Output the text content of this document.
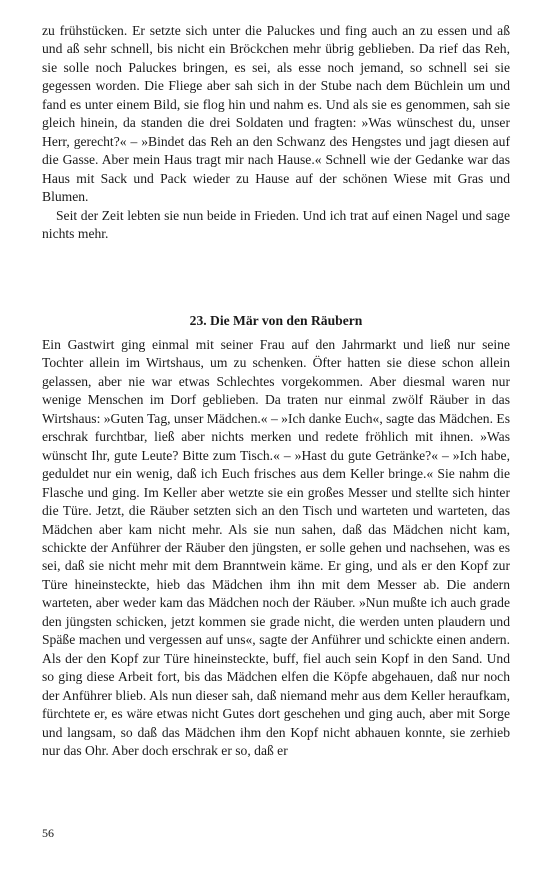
zu frühstücken. Er setzte sich unter die Paluckes und fing auch an zu essen und aß und aß sehr schnell, bis nicht ein Bröckchen mehr übrig geblieben. Da rief das Reh, sie solle noch Paluckes bringen, es sei, als esse noch jemand, so schnell sei sie gegessen worden. Die Fliege aber sah sich in der Stube nach dem Büchlein um und fand es unter einem Bild, sie flog hin und nahm es. Und als sie es genommen, sah sie gleich hinein, da standen die drei Soldaten und fragten: »Was wünschest du, unser Herr, gerecht?« – »Bindet das Reh an den Schwanz des Hengstes und jagt diesen auf die Gasse. Aber mein Haus tragt mir nach Hause.« Schnell wie der Gedanke war das Haus mit Sack und Pack wieder zu Hause auf der schönen Wiese mit Gras und Blumen.

Seit der Zeit lebten sie nun beide in Frieden. Und ich trat auf einen Nagel und sage nichts mehr.

23. Die Mär von den Räubern

Ein Gastwirt ging einmal mit seiner Frau auf den Jahrmarkt und ließ nur seine Tochter allein im Wirtshaus, um zu schenken. Öfter hatten sie diese schon allein gelassen, aber nie war etwas Schlechtes vorgekommen. Aber diesmal waren nur wenige Menschen im Dorf geblieben. Da traten nur einmal zwölf Räuber in das Wirtshaus: »Guten Tag, unser Mädchen.« – »Ich danke Euch«, sagte das Mädchen. Es erschrak furchtbar, ließ aber nichts merken und redete fröhlich mit ihnen. »Was wünscht Ihr, gute Leute? Bitte zum Tisch.« – »Hast du gute Getränke?« – »Ich habe, geduldet nur ein wenig, daß ich Euch frisches aus dem Keller bringe.« Sie nahm die Flasche und ging. Im Keller aber wetzte sie ein großes Messer und stellte sich hinter die Türe. Jetzt, die Räuber setzten sich an den Tisch und warteten und warteten, das Mädchen aber kam nicht mehr. Als sie nun sahen, daß das Mädchen nicht kam, schickte der Anführer der Räuber den jüngsten, er solle gehen und nachsehen, was es sei, daß sie nicht mehr mit dem Branntwein käme. Er ging, und als er den Kopf zur Türe hineinsteckte, hieb das Mädchen ihm ihn mit dem Messer ab. Die andern warteten, aber weder kam das Mädchen noch der Räuber. »Nun mußte ich auch grade den jüngsten schicken, jetzt kommen sie grade nicht, die werden unten plaudern und Späße machen und vergessen auf uns«, sagte der Anführer und schickte einen andern. Als der den Kopf zur Türe hineinsteckte, buff, fiel auch sein Kopf in den Sand. Und so ging diese Arbeit fort, bis das Mädchen elfen die Köpfe abgehauen, daß nur noch der Anführer blieb. Als nun dieser sah, daß niemand mehr aus dem Keller heraufkam, fürchtete er, es wäre etwas nicht Gutes dort geschehen und ging auch, aber mit Sorge und langsam, so daß das Mädchen ihm den Kopf nicht abhauen konnte, sie zerhieb nur das Ohr. Aber doch erschrak er so, daß er

56
